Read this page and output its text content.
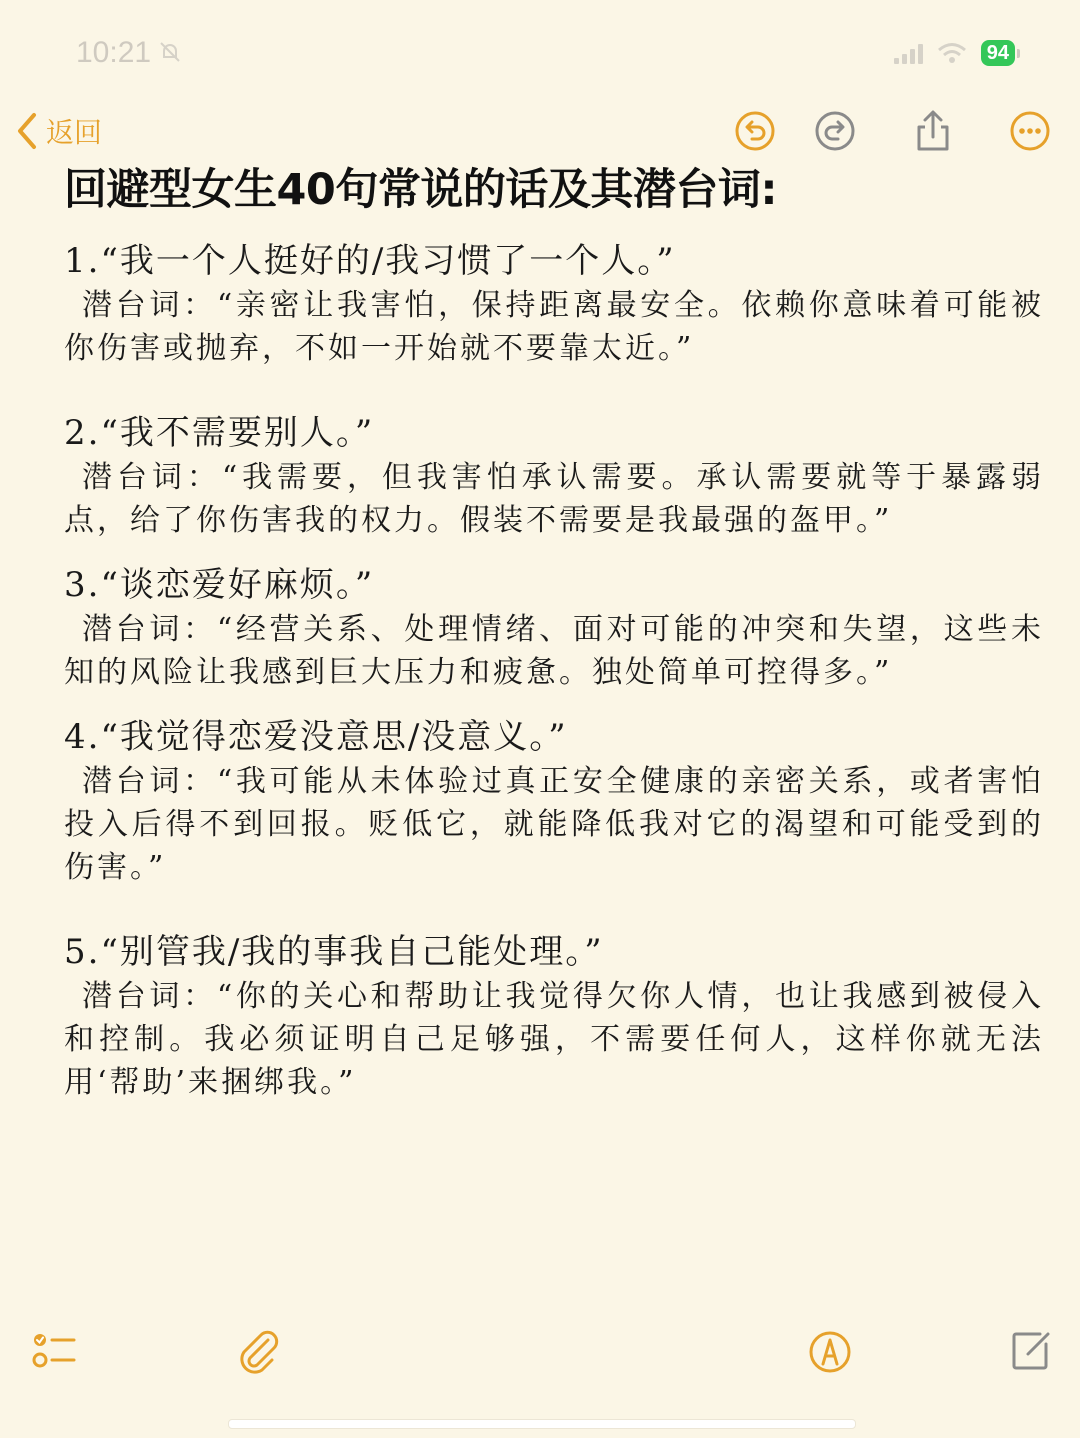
10:21	94
返回
回避型女生40句常说的话及其潜台词:
1.“我一个人挺好的/我习惯了一个人。”
潜台词：“亲密让我害怕，保持距离最安全。依赖你意味着可能被你伤害或抛弃，不如一开始就不要靠太近。”
2.“我不需要别人。”
潜台词：“我需要，但我害怕承认需要。承认需要就等于暴露弱点，给了你伤害我的权力。假装不需要是我最强的盔甲。”
3.“谈恋爱好麻烦。”
潜台词：“经营关系、处理情绪、面对可能的冲突和失望，这些未知的风险让我感到巨大压力和疲惫。独处简单可控得多。”
4.“我觉得恋爱没意思/没意义。”
潜台词：“我可能从未体验过真正安全健康的亲密关系，或者害怕投入后得不到回报。贬低它，就能降低我对它的渴望和可能受到的伤害。”
5.“别管我/我的事我自己能处理。”
潜台词：“你的关心和帮助让我觉得欠你人情，也让我感到被侵入和控制。我必须证明自己足够强，不需要任何人，这样你就无法用‘帮助’来捆绑我。”
